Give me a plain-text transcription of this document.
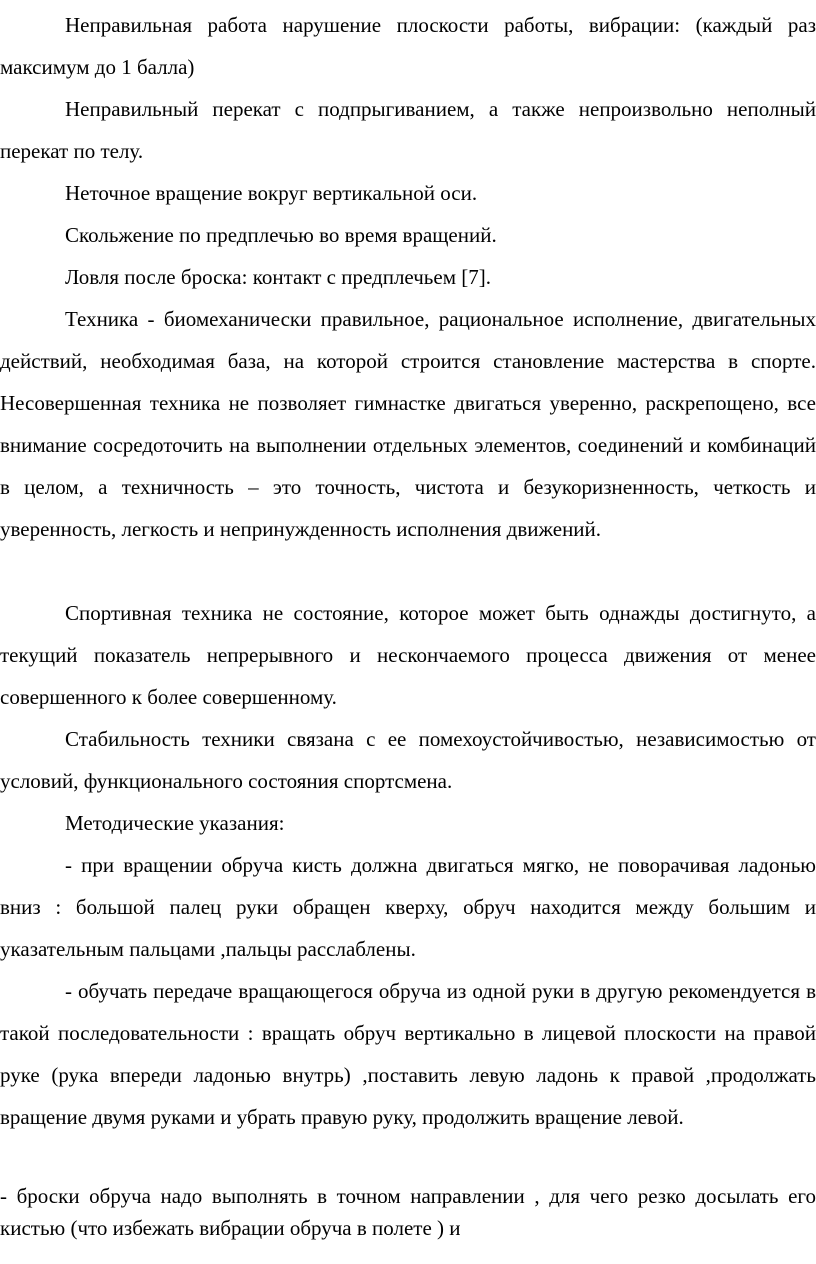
Неправильная работа нарушение плоскости работы, вибрации: (каждый раз максимум до 1 балла)

Неправильный перекат с подпрыгиванием, а также непроизвольно неполный перекат по телу.

Неточное вращение вокруг вертикальной оси.

Скольжение по предплечью во время вращений.

Ловля после броска: контакт с предплечьем [7].

Техника - биомеханически правильное, рациональное исполнение, двигательных действий, необходимая база, на которой строится становление мастерства в спорте. Несовершенная техника не позволяет гимнастке двигаться уверенно, раскрепощено, все внимание сосредоточить на выполнении отдельных элементов, соединений и комбинаций в целом, а техничность – это точность, чистота и безукоризненность, четкость и уверенность, легкость и непринужденность исполнения движений.

Спортивная техника не состояние, которое может быть однажды достигнуто, а текущий показатель непрерывного и нескончаемого процесса движения от менее совершенного к более совершенному.

Стабильность техники связана с ее помехоустойчивостью, независимостью от условий, функционального состояния спортсмена.

Методические указания:

- при вращении обруча кисть должна двигаться мягко, не поворачивая ладонью вниз : большой палец руки обращен кверху, обруч находится между большим и указательным пальцами ,пальцы расслаблены.

- обучать передаче вращающегося обруча из одной руки в другую рекомендуется в такой последовательности : вращать обруч вертикально в лицевой плоскости на правой руке (рука впереди ладонью внутрь) ,поставить левую ладонь к правой ,продолжать вращение двумя руками и убрать правую руку, продолжить вращение левой.

- броски обруча надо выполнять в точном направлении , для чего резко досылать его кистью (что избежать вибрации обруча в полете ) и
